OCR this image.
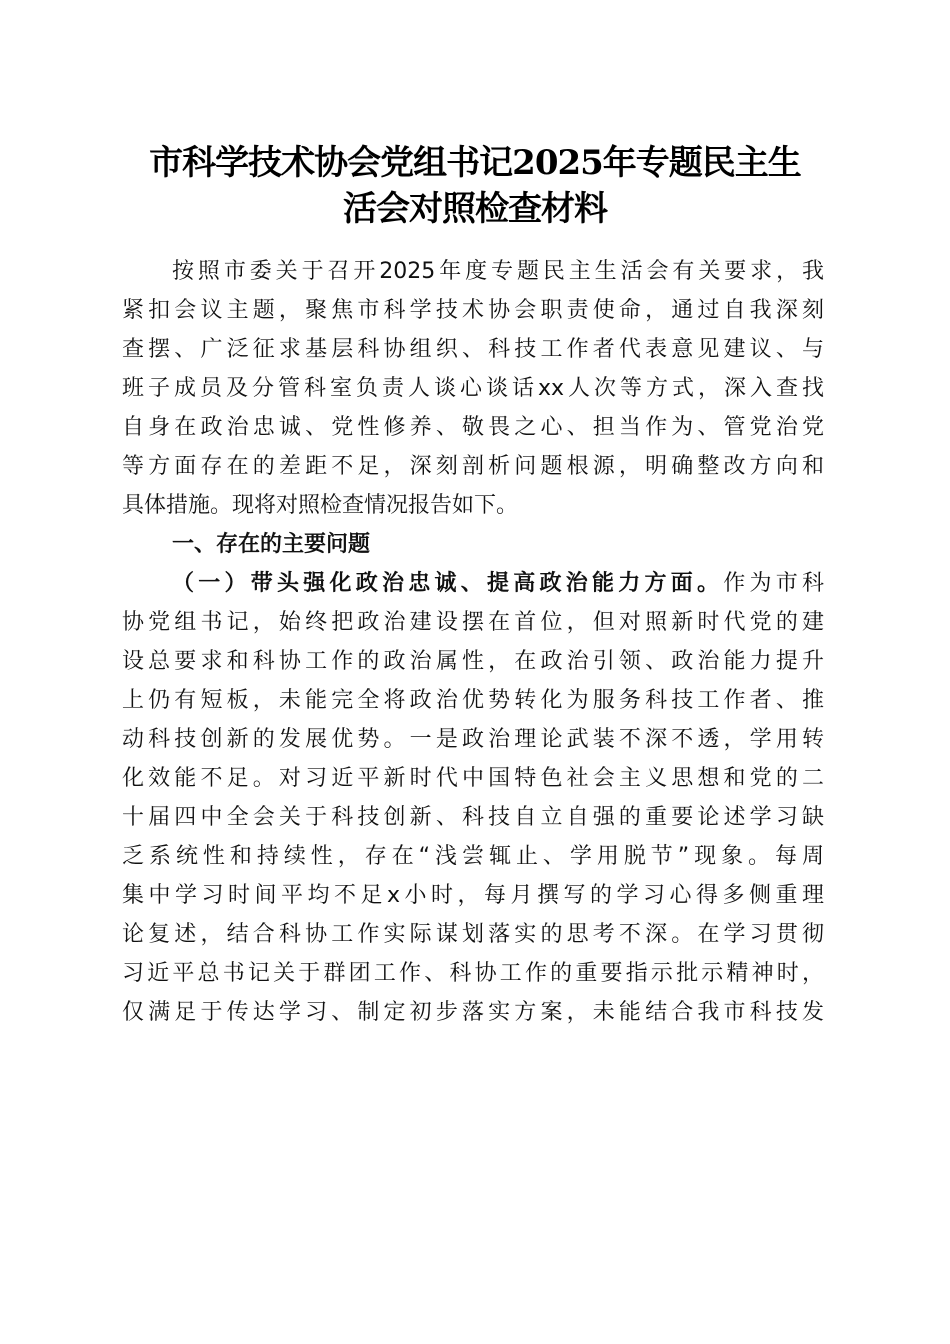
市科学技术协会党组书记2025年专题民主生
活会对照检查材料
按照市委关于召开2025年度专题民主生活会有关要求，我
紧扣会议主题，聚焦市科学技术协会职责使命，通过自我深刻
查摆、广泛征求基层科协组织、科技工作者代表意见建议、与
班子成员及分管科室负责人谈心谈话xx人次等方式，深入查找
自身在政治忠诚、党性修养、敬畏之心、担当作为、管党治党
等方面存在的差距不足，深刻剖析问题根源，明确整改方向和
具体措施。现将对照检查情况报告如下。
一、存在的主要问题
（一）带头强化政治忠诚、提高政治能力方面。作为市科
协党组书记，始终把政治建设摆在首位，但对照新时代党的建
设总要求和科协工作的政治属性，在政治引领、政治能力提升
上仍有短板，未能完全将政治优势转化为服务科技工作者、推
动科技创新的发展优势。一是政治理论武装不深不透，学用转
化效能不足。对习近平新时代中国特色社会主义思想和党的二
十届四中全会关于科技创新、科技自立自强的重要论述学习缺
乏系统性和持续性，存在“浅尝辄止、学用脱节”现象。每周
集中学习时间平均不足x小时，每月撰写的学习心得多侧重理
论复述，结合科协工作实际谋划落实的思考不深。在学习贯彻
习近平总书记关于群团工作、科协工作的重要指示批示精神时，
仅满足于传达学习、制定初步落实方案，未能结合我市科技发
